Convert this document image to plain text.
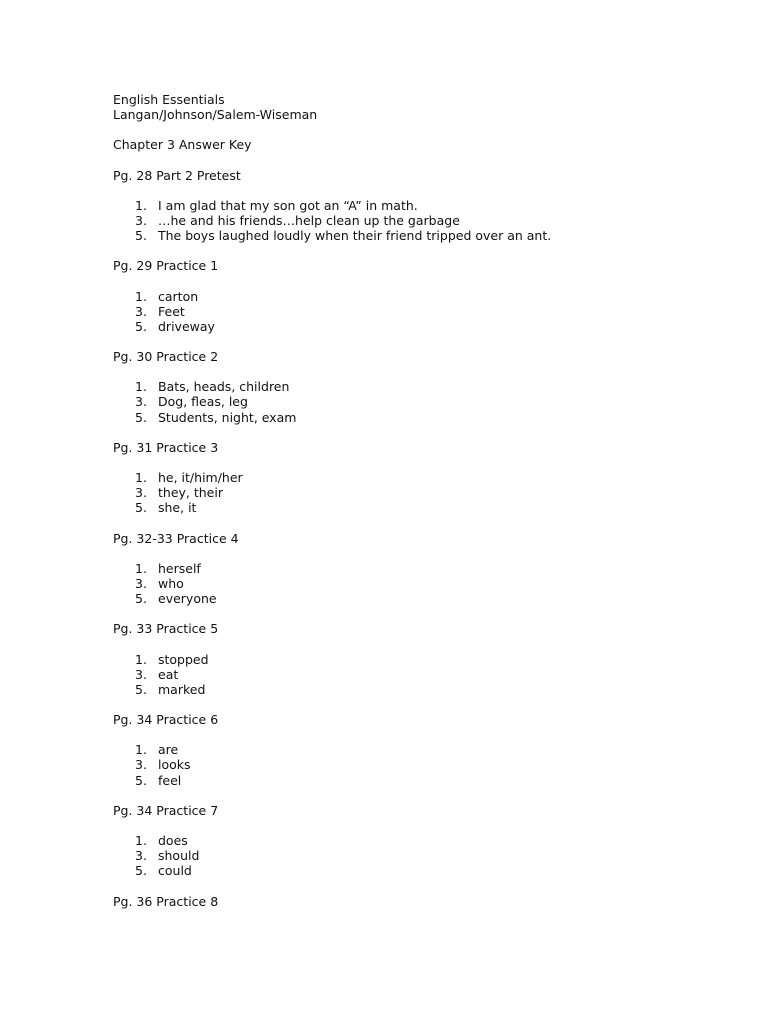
English Essentials
Langan/Johnson/Salem-Wiseman
Chapter 3 Answer Key
Pg. 28 Part 2 Pretest
1. I am glad that my son got an “A” in math.
3. …he and his friends…help clean up the garbage
5. The boys laughed loudly when their friend tripped over an ant.
Pg. 29 Practice 1
1. carton
3. Feet
5. driveway
Pg. 30 Practice 2
1. Bats, heads, children
3. Dog, fleas, leg
5. Students, night, exam
Pg. 31 Practice 3
1. he, it/him/her
3. they, their
5. she, it
Pg. 32-33 Practice 4
1. herself
3. who
5. everyone
Pg. 33 Practice 5
1. stopped
3. eat
5. marked
Pg. 34 Practice 6
1. are
3. looks
5. feel
Pg. 34 Practice 7
1. does
3. should
5. could
Pg. 36 Practice 8
